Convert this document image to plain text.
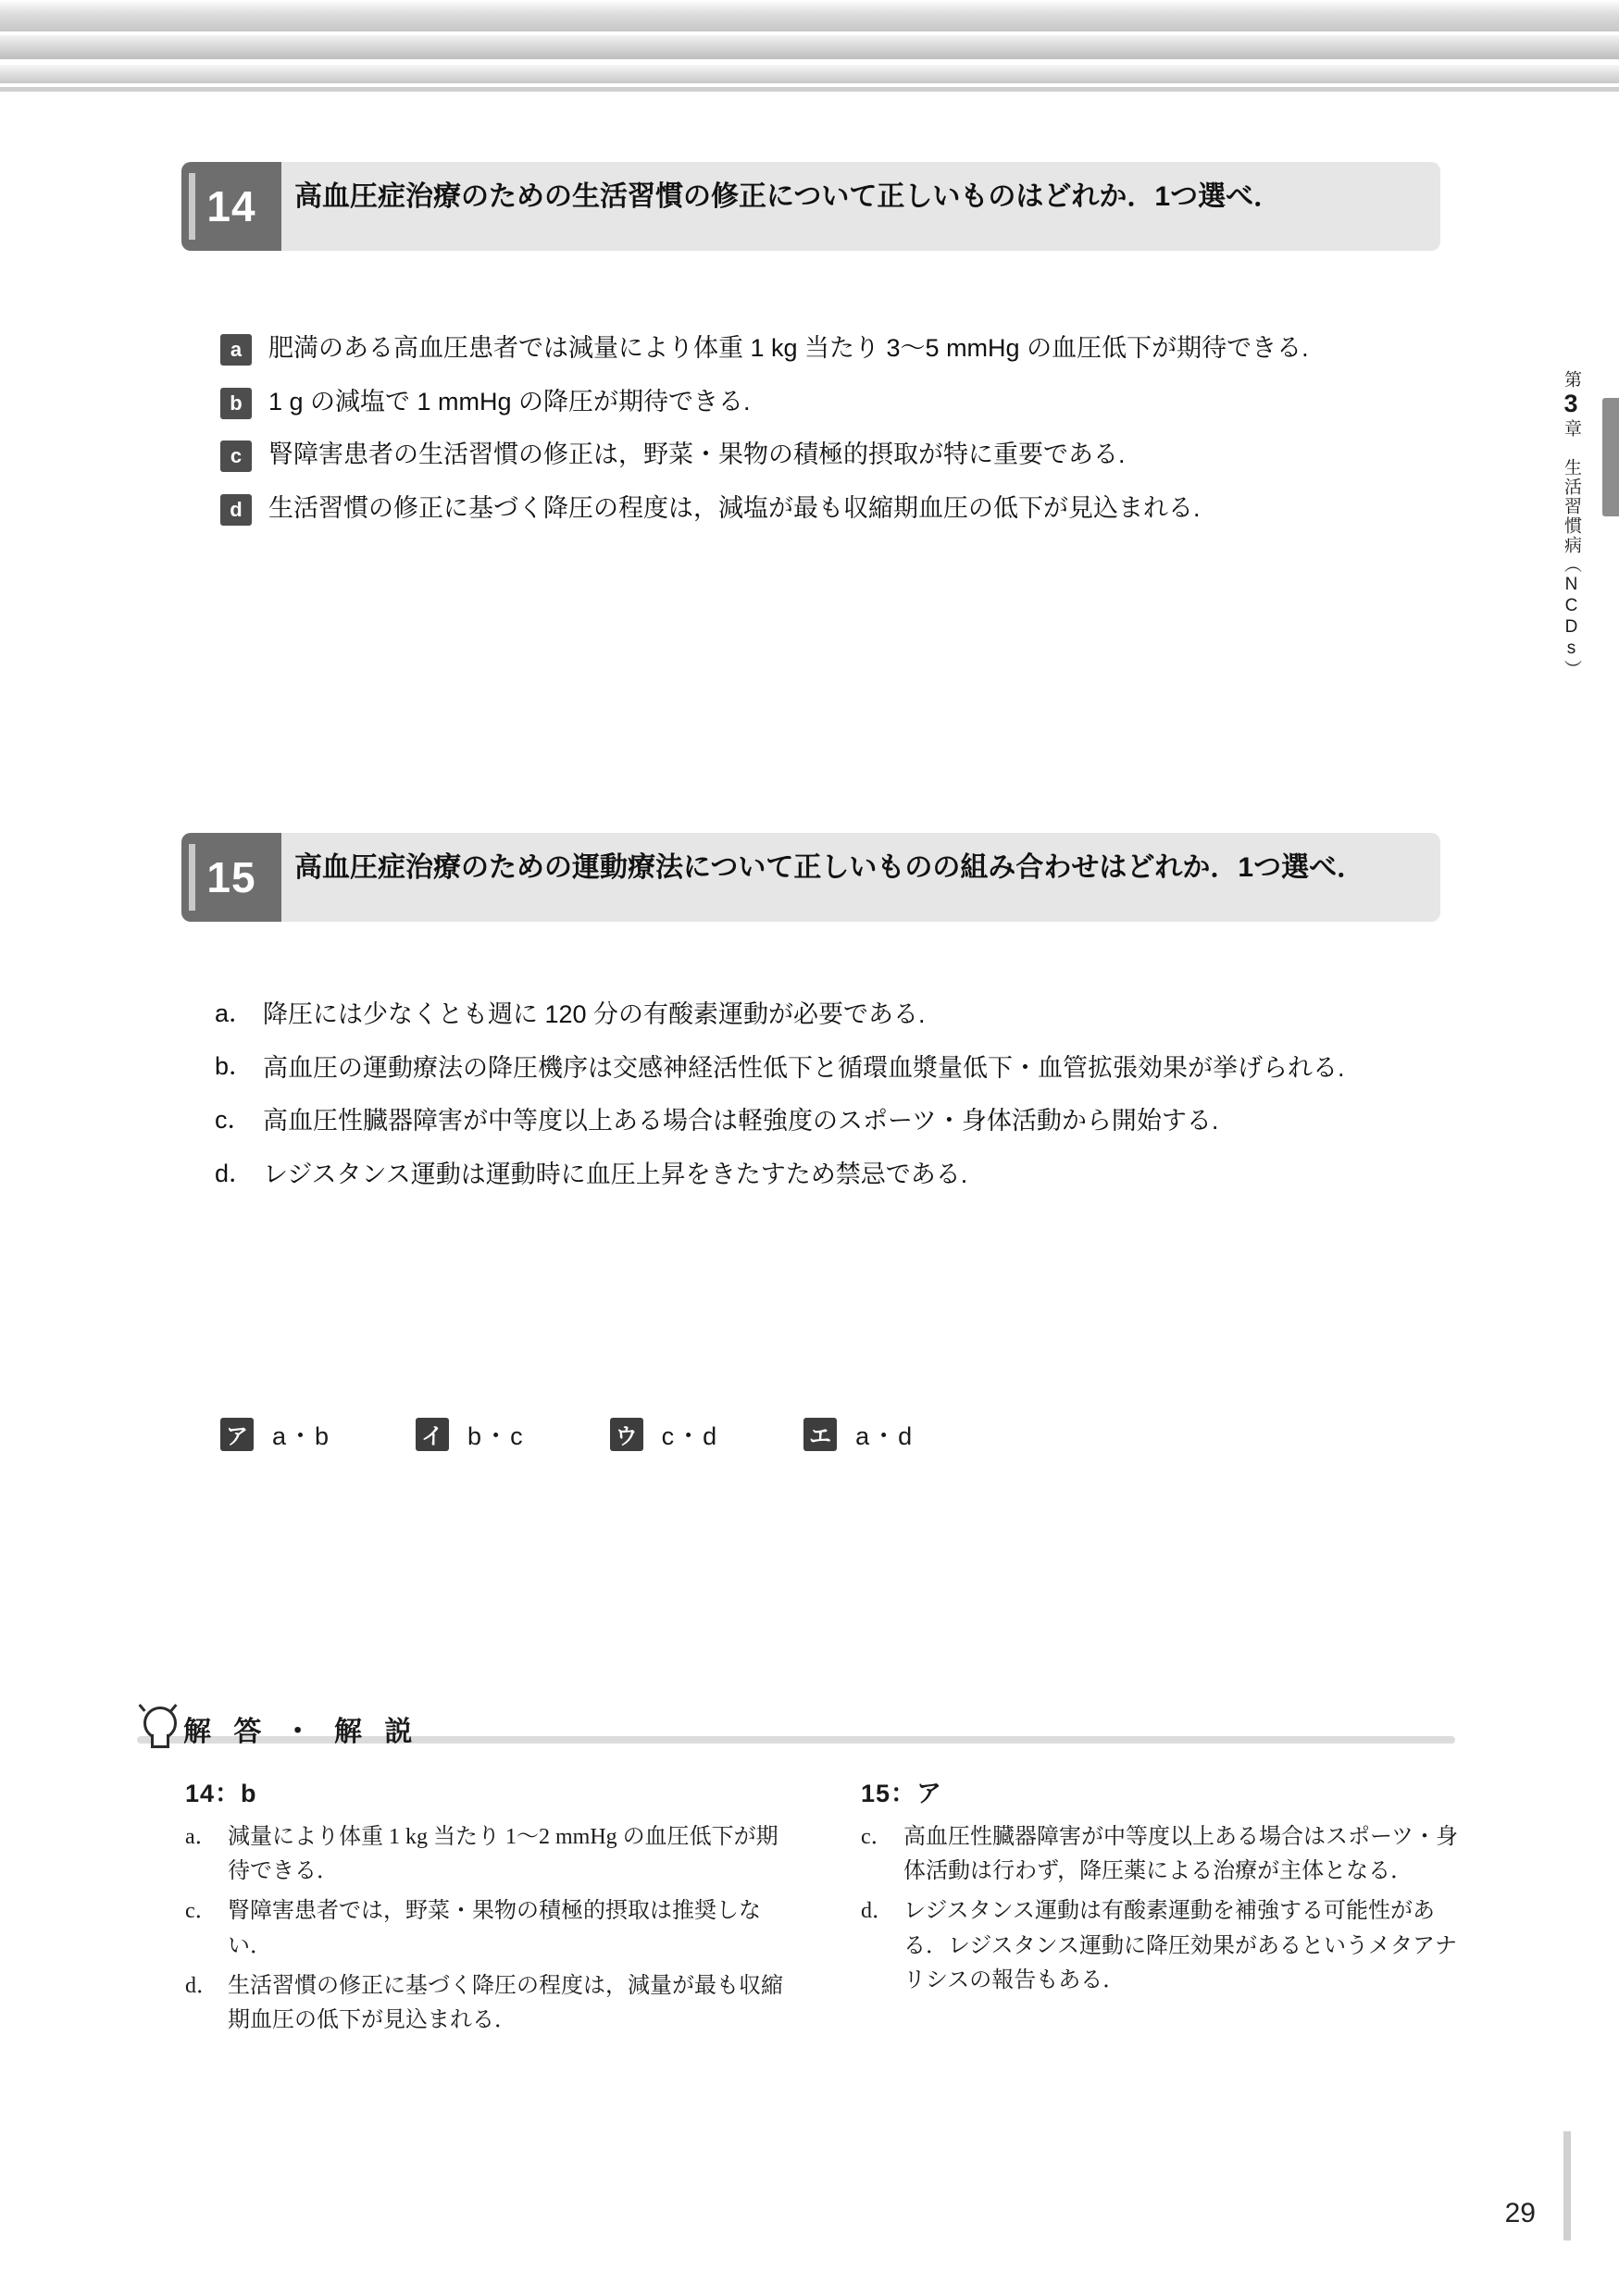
第3章　生活習慣病（NCDs）
14	高血圧症治療のための生活習慣の修正について正しいものはどれか．1つ選べ．
a	肥満のある高血圧患者では減量により体重 1 kg 当たり 3〜5 mmHg の血圧低下が期待できる.
b	1 g の減塩で 1 mmHg の降圧が期待できる.
c	腎障害患者の生活習慣の修正は，野菜・果物の積極的摂取が特に重要である.
d	生活習慣の修正に基づく降圧の程度は，減塩が最も収縮期血圧の低下が見込まれる.
15	高血圧症治療のための運動療法について正しいものの組み合わせはどれか．1つ選べ．
a． 降圧には少なくとも週に 120 分の有酸素運動が必要である.
b． 高血圧の運動療法の降圧機序は交感神経活性低下と循環血漿量低下・血管拡張効果が挙げられる.
c． 高血圧性臓器障害が中等度以上ある場合は軽強度のスポーツ・身体活動から開始する.
d． レジスタンス運動は運動時に血圧上昇をきたすため禁忌である.
ア a・b	イ b・c	ウ c・d	エ a・d
解 答 ・ 解 説
14：b
a． 減量により体重 1 kg 当たり 1〜2 mmHg の血圧低下が期待できる．
c． 腎障害患者では，野菜・果物の積極的摂取は推奨しない．
d． 生活習慣の修正に基づく降圧の程度は，減量が最も収縮期血圧の低下が見込まれる．
15：ア
c． 高血圧性臓器障害が中等度以上ある場合はスポーツ・身体活動は行わず，降圧薬による治療が主体となる．
d． レジスタンス運動は有酸素運動を補強する可能性がある．レジスタンス運動に降圧効果があるというメタアナリシスの報告もある．
29
